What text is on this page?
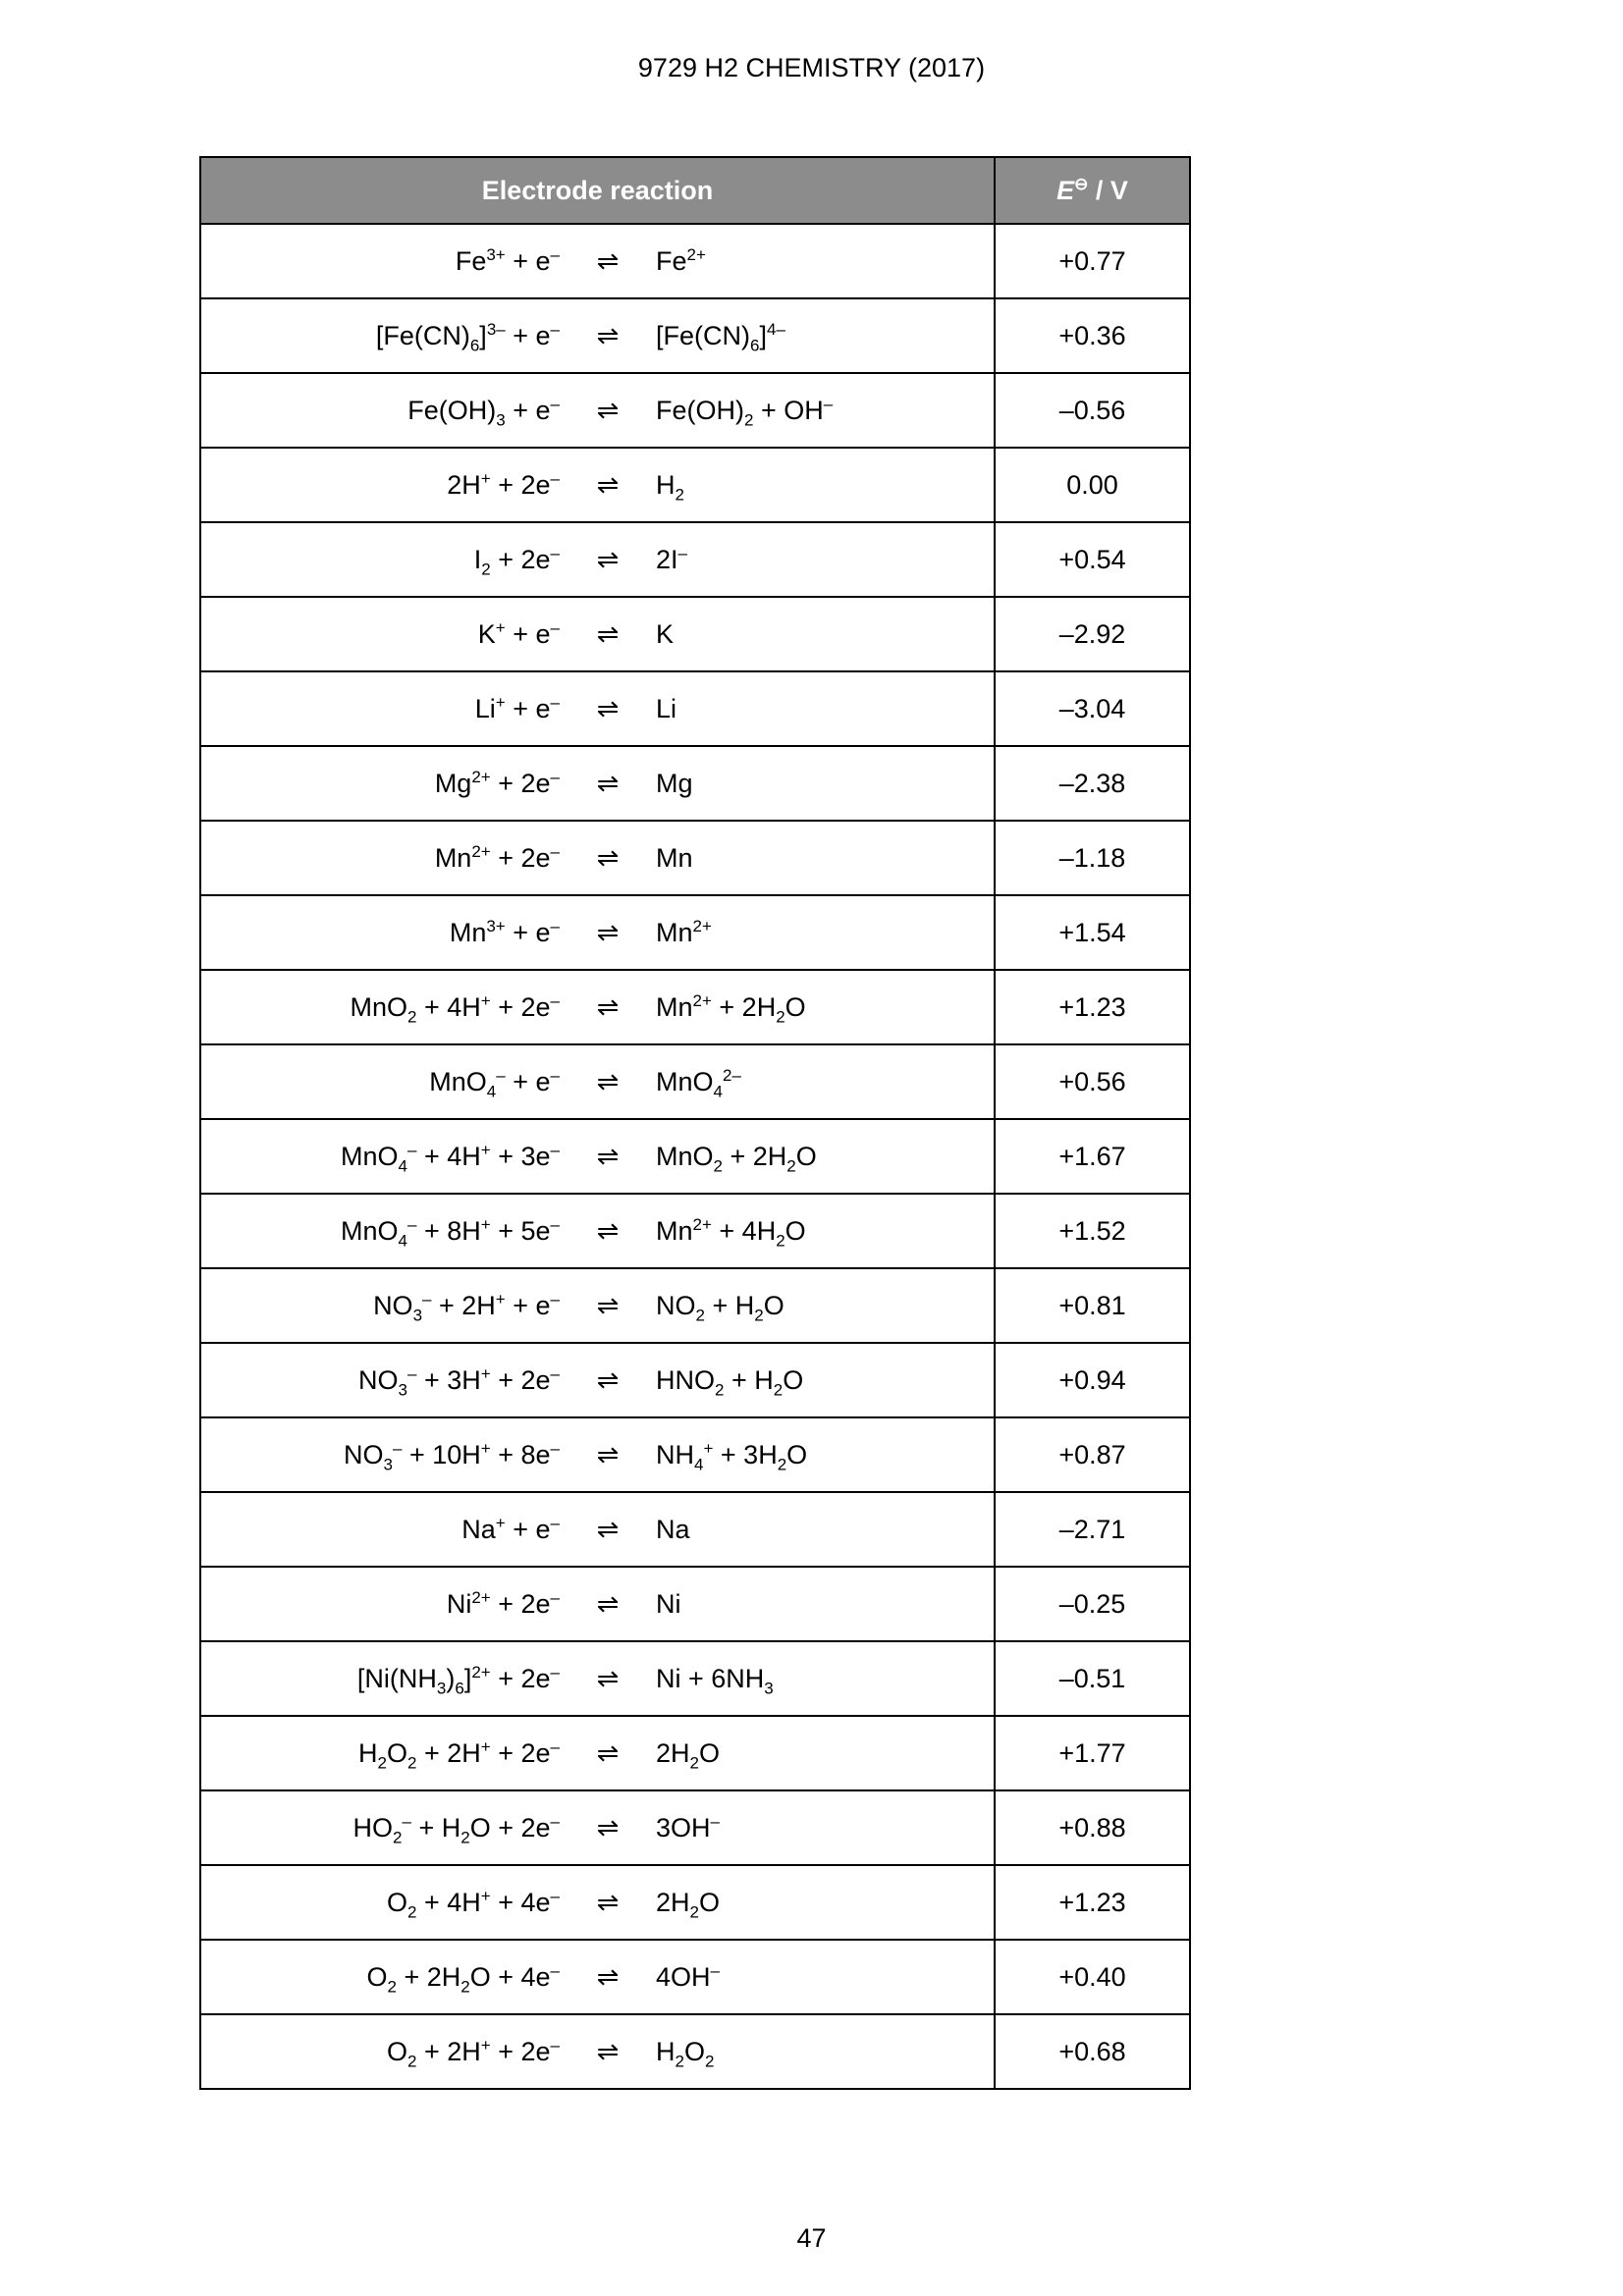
9729 H2 CHEMISTRY (2017)
Electrode reaction	E⊖ / V

$Fe^{3+} + e^-$ ⇌ $Fe^{2+}$	+0.77

$[Fe(CN)_6]^{3-} + e^-$ ⇌ $[Fe(CN)_6]^{4-}$	+0.36

$Fe(OH)_3 + e^-$ ⇌ $Fe(OH)_2 + OH^-$	–0.56

2H+ + 2e– ⇌ $H_2$	0.00

$I_2 + 2e^-$ ⇌ 2I–	+0.54

K+ + e– ⇌ K	–2.92

Li+ + e– ⇌ Li	–3.04

$Mg^{2+} + 2e^-$ ⇌ Mg	–2.38

$Mn^{2+} + 2e^-$ ⇌ Mn	–1.18

$Mn^{3+} + e^-$ ⇌ $Mn^{2+}$	+1.54

MnO$_2$ + 4H+ + 2e– ⇌ $Mn^{2+} + 2H_2O$	+1.23

MnO$_4$– + e– ⇌ MnO$_4^{2-}$	+0.56

MnO$_4$– + 4H+ + 3e– ⇌ $MnO_2 + 2H_2O$	+1.67

MnO$_4$– + 8H+ + 5e– ⇌ $Mn^{2+} + 4H_2O$	+1.52

$NO_3^- + 2H^+ + e^-$ ⇌ $NO_2 + H_2O$	+0.81

$NO_3^- + 3H^+ + 2e^-$ ⇌ $HNO_2 + H_2O$	+0.94

$NO_3^- + 10H^+ + 8e^-$ ⇌ $NH_4^+ + 3H_2O$	+0.87

Na+ + e– ⇌ Na	–2.71

$Ni^{2+} + 2e^-$ ⇌ Ni	–0.25

$[Ni(NH_3)_6]^{2+} + 2e^-$ ⇌ $Ni + 6NH_3$	–0.51

$H_2O_2 + 2H^+ + 2e^-$ ⇌ $2H_2O$	+1.77

$HO_2^- + H_2O + 2e^-$ ⇌ 3OH–	+0.88

$O_2 + 4H^+ + 4e^-$ ⇌ $2H_2O$	+1.23

$O_2 + 2H_2O + 4e^-$ ⇌ 4OH–	+0.40

$O_2 + 2H^+ + 2e^-$ ⇌ $H_2O_2$	+0.68
47
